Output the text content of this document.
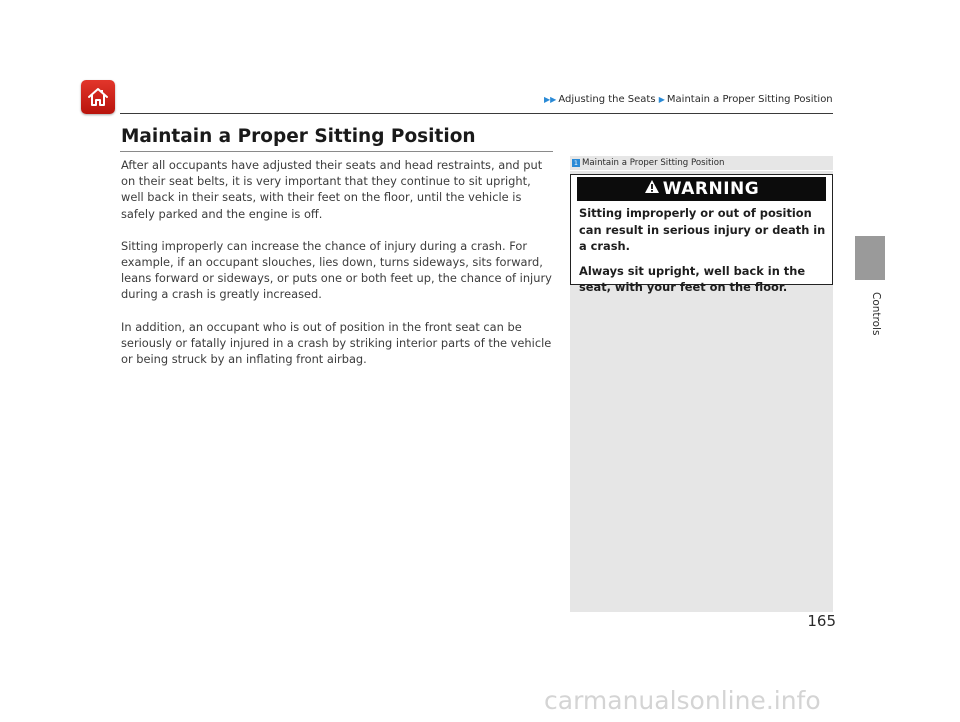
▶▶ Adjusting the Seats ▶ Maintain a Proper Sitting Position
Maintain a Proper Sitting Position

After all occupants have adjusted their seats and head restraints, and put on their seat belts, it is very important that they continue to sit upright, well back in their seats, with their feet on the floor, until the vehicle is safely parked and the engine is off.

Sitting improperly can increase the chance of injury during a crash. For example, if an occupant slouches, lies down, turns sideways, sits forward, leans forward or sideways, or puts one or both feet up, the chance of injury during a crash is greatly increased.

In addition, an occupant who is out of position in the front seat can be seriously or fatally injured in a crash by striking interior parts of the vehicle or being struck by an inflating front airbag.

1 Maintain a Proper Sitting Position
WARNING

Sitting improperly or out of position can result in serious injury or death in a crash.

Always sit upright, well back in the seat, with your feet on the floor.

Controls
165
carmanualsonline.info
